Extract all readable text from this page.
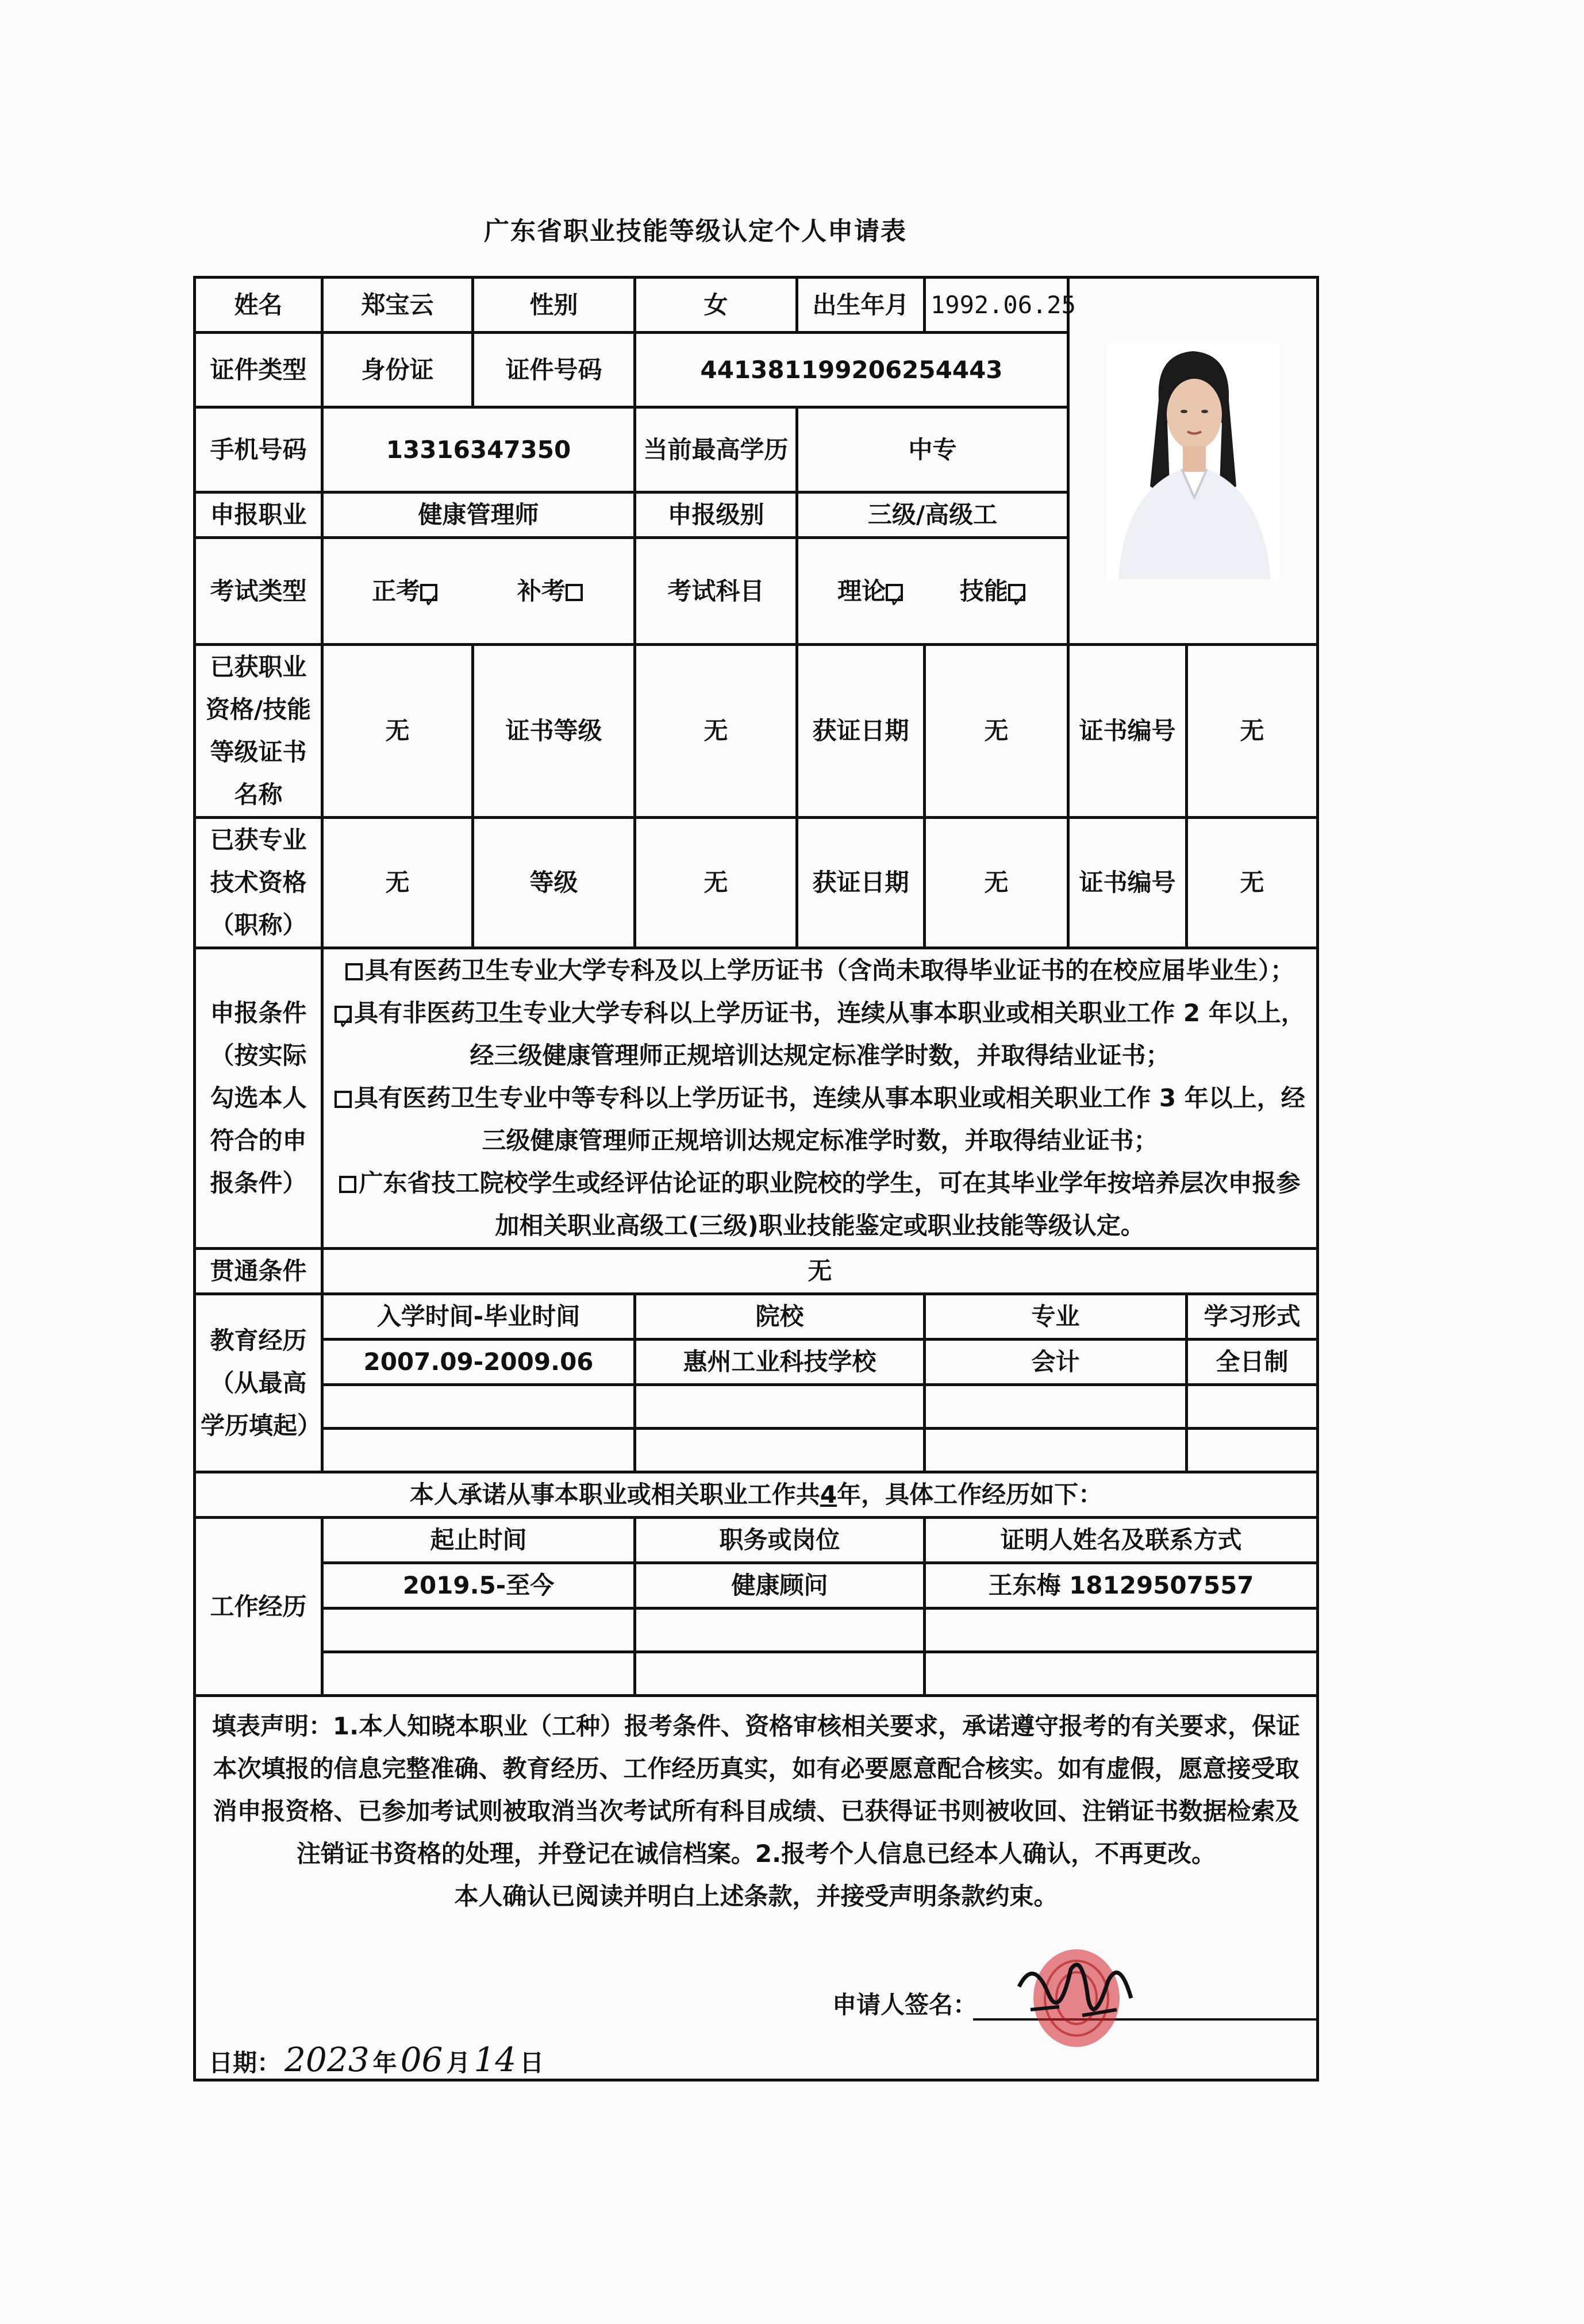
广东省职业技能等级认定个人申请表
姓名	郑宝云	性别	女	出生年月	1992.06.25	

证件类型	身份证	证件号码	441381199206254443				
手机号码	13316347350		当前最高学历	中专			
申报职业	健康管理师		申报级别	三级/高级工			
考试类型	正考✓ 补考		考试科目	理论✓ 技能✓
已获职业资格/技能等级证书名称	无	证书等级	无	获证日期	无	证书编号	无
已获专业技术资格（职称）	无	等级	无	获证日期	无	证书编号	无
申报条件（按实际勾选本人符合的申报条件）	具有医药卫生专业大学专科及以上学历证书（含尚未取得毕业证书的在校应届毕业生）；
✓具有非医药卫生专业大学专科以上学历证书，连续从事本职业或相关职业工作 2 年以上，经三级健康管理师正规培训达规定标准学时数，并取得结业证书；
具有医药卫生专业中等专科以上学历证书，连续从事本职业或相关职业工作 3 年以上，经三级健康管理师正规培训达规定标准学时数，并取得结业证书；
广东省技工院校学生或经评估论证的职业院校的学生，可在其毕业学年按培养层次申报参加相关职业高级工(三级)职业技能鉴定或职业技能等级认定。

贯通条件	无						
教育经历（从最高学历填起）	入学时间-毕业时间		院校		专业		学习形式
	2007.09-2009.06		惠州工业科技学校		会计		全日制

本人承诺从事本职业或相关职业工作共4年，具体工作经历如下：							
工作经历	起止时间		职务或岗位		证明人姓名及联系方式		
	2019.5-至今		健康顾问		王东梅 18129507557		

填表声明：1.本人知晓本职业（工种）报考条件、资格审核相关要求，承诺遵守报考的有关要求，保证本次填报的信息完整准确、教育经历、工作经历真实，如有必要愿意配合核实。如有虚假，愿意接受取消申报资格、已参加考试则被取消当次考试所有科目成绩、已获得证书则被收回、注销证书数据检索及注销证书资格的处理，并登记在诚信档案。2.报考个人信息已经本人确认，不再更改。
本人确认已阅读并明白上述条款，并接受声明条款约束。
申请人签名：
日期： 2023 年 06 月 14 日							
